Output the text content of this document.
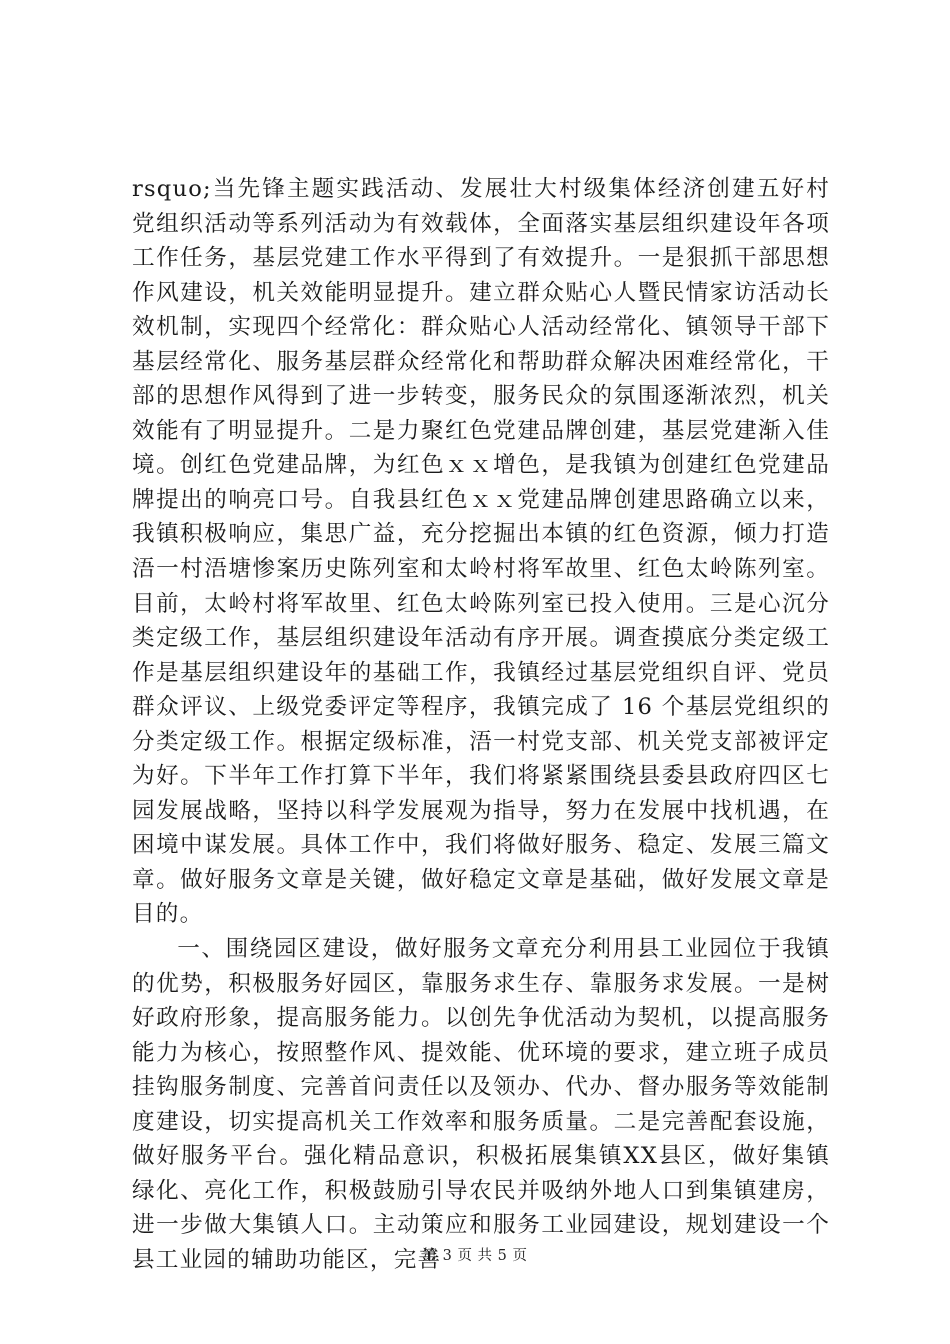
rsquo;当先锋主题实践活动、发展壮大村级集体经济创建五好村党组织活动等系列活动为有效载体，全面落实基层组织建设年各项工作任务，基层党建工作水平得到了有效提升。一是狠抓干部思想作风建设，机关效能明显提升。建立群众贴心人暨民情家访活动长效机制，实现四个经常化：群众贴心人活动经常化、镇领导干部下基层经常化、服务基层群众经常化和帮助群众解决困难经常化，干部的思想作风得到了进一步转变，服务民众的氛围逐渐浓烈，机关效能有了明显提升。二是力聚红色党建品牌创建，基层党建渐入佳境。创红色党建品牌，为红色ｘｘ增色，是我镇为创建红色党建品牌提出的响亮口号。自我县红色ｘｘ党建品牌创建思路确立以来，我镇积极响应，集思广益，充分挖掘出本镇的红色资源，倾力打造浯一村浯塘惨案历史陈列室和太岭村将军故里、红色太岭陈列室。目前，太岭村将军故里、红色太岭陈列室已投入使用。三是心沉分类定级工作，基层组织建设年活动有序开展。调查摸底分类定级工作是基层组织建设年的基础工作，我镇经过基层党组织自评、党员群众评议、上级党委评定等程序，我镇完成了 16 个基层党组织的分类定级工作。根据定级标准，浯一村党支部、机关党支部被评定为好。下半年工作打算下半年，我们将紧紧围绕县委县政府四区七园发展战略，坚持以科学发展观为指导，努力在发展中找机遇，在困境中谋发展。具体工作中，我们将做好服务、稳定、发展三篇文章。做好服务文章是关键，做好稳定文章是基础，做好发展文章是目的。

一、围绕园区建设，做好服务文章充分利用县工业园位于我镇的优势，积极服务好园区，靠服务求生存、靠服务求发展。一是树好政府形象，提高服务能力。以创先争优活动为契机，以提高服务能力为核心，按照整作风、提效能、优环境的要求，建立班子成员挂钩服务制度、完善首问责任以及领办、代办、督办服务等效能制度建设，切实提高机关工作效率和服务质量。二是完善配套设施，做好服务平台。强化精品意识，积极拓展集镇XX县区，做好集镇绿化、亮化工作，积极鼓励引导农民并吸纳外地人口到集镇建房，进一步做大集镇人口。主动策应和服务工业园建设，规划建设一个县工业园的辅助功能区，完善

第 3 页 共 5 页
